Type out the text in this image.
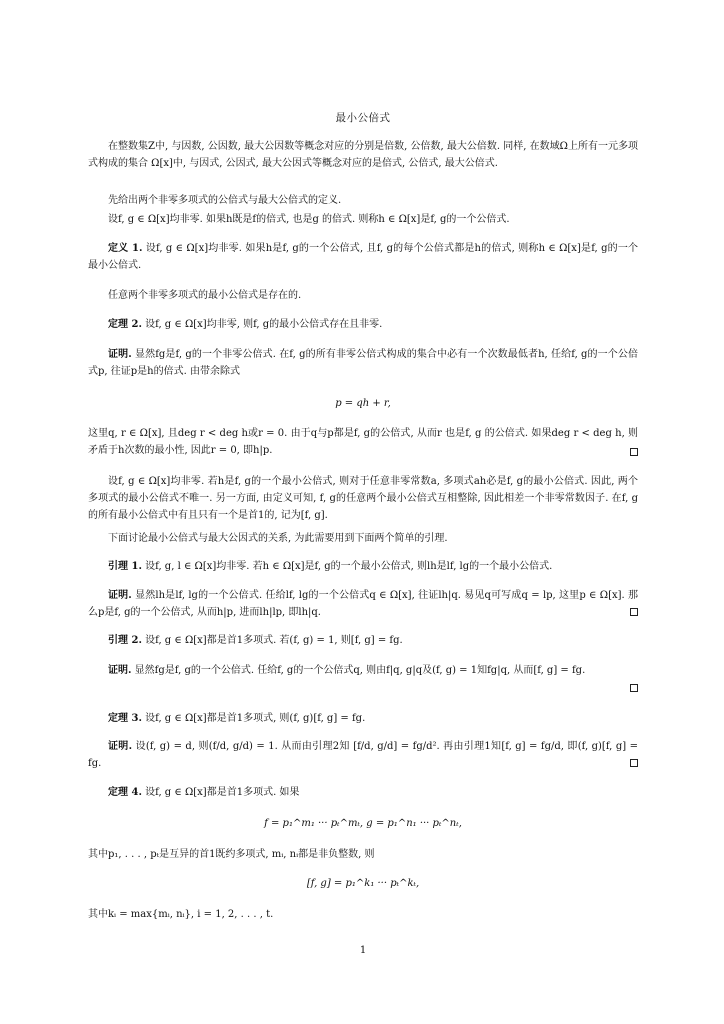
最小公倍式
在整数集Z中, 与因数, 公因数, 最大公因数等概念对应的分别是倍数, 公倍数, 最大公倍数. 同样, 在数域Ω上所有一元多项式构成的集合 Ω[x]中, 与因式, 公因式, 最大公因式等概念对应的是倍式, 公倍式, 最大公倍式.
先给出两个非零多项式的公倍式与最大公倍式的定义.
设f, g ∈ Ω[x]均非零. 如果h既是f的倍式, 也是g 的倍式. 则称h ∈ Ω[x]是f, g的一个公倍式.
定义 1. 设f, g ∈ Ω[x]均非零. 如果h是f, g的一个公倍式, 且f, g的每个公倍式都是h的倍式, 则称h ∈ Ω[x]是f, g的一个最小公倍式.
任意两个非零多项式的最小公倍式是存在的.
定理 2. 设f, g ∈ Ω[x]均非零, 则f, g的最小公倍式存在且非零.
证明. 显然fg是f, g的一个非零公倍式. 在f, g的所有非零公倍式构成的集合中必有一个次数最低者h, 任给f, g的一个公倍式p, 往证p是h的倍式. 由带余除式
p = qh + r,
这里q, r ∈ Ω[x], 且deg r < deg h或r = 0. 由于q与p都是f, g的公倍式, 从而r 也是f, g 的公倍式. 如果deg r < deg h, 则矛盾于h次数的最小性, 因此r = 0, 即h|p.
设f, g ∈ Ω[x]均非零. 若h是f, g的一个最小公倍式, 则对于任意非零常数a, 多项式ah必是f, g的最小公倍式. 因此, 两个多项式的最小公倍式不唯一. 另一方面, 由定义可知, f, g的任意两个最小公倍式互相整除, 因此相差一个非零常数因子. 在f, g的所有最小公倍式中有且只有一个是首1的, 记为[f, g].
下面讨论最小公倍式与最大公因式的关系, 为此需要用到下面两个简单的引理.
引理 1. 设f, g, l ∈ Ω[x]均非零. 若h ∈ Ω[x]是f, g的一个最小公倍式, 则lh是lf, lg的一个最小公倍式.
证明. 显然lh是lf, lg的一个公倍式. 任给lf, lg的一个公倍式q ∈ Ω[x], 往证lh|q. 易见q可写成q = lp, 这里p ∈ Ω[x]. 那么p是f, g的一个公倍式, 从而h|p, 进而lh|lp, 即lh|q.
引理 2. 设f, g ∈ Ω[x]都是首1多项式. 若(f, g) = 1, 则[f, g] = fg.
证明. 显然fg是f, g的一个公倍式. 任给f, g的一个公倍式q, 则由f|q, g|q及(f, g) = 1知fg|q, 从而[f, g] = fg.
定理 3. 设f, g ∈ Ω[x]都是首1多项式, 则(f, g)[f, g] = fg.
证明. 设(f, g) = d, 则(f/d, g/d) = 1. 从而由引理2知 [f/d, g/d] = fg/d². 再由引理1知[f, g] = fg/d, 即(f, g)[f, g] = fg.
定理 4. 设f, g ∈ Ω[x]都是首1多项式. 如果
f = p₁^m₁ ··· pₜ^mₜ, g = p₁^n₁ ··· pₜ^nₜ,
其中p₁, . . . , pₜ是互异的首1既约多项式, mᵢ, nᵢ都是非负整数, 则
[f, g] = p₁^k₁ ··· pₜ^kₜ,
其中kᵢ = max{mᵢ, nᵢ}, i = 1, 2, . . . , t.
1
